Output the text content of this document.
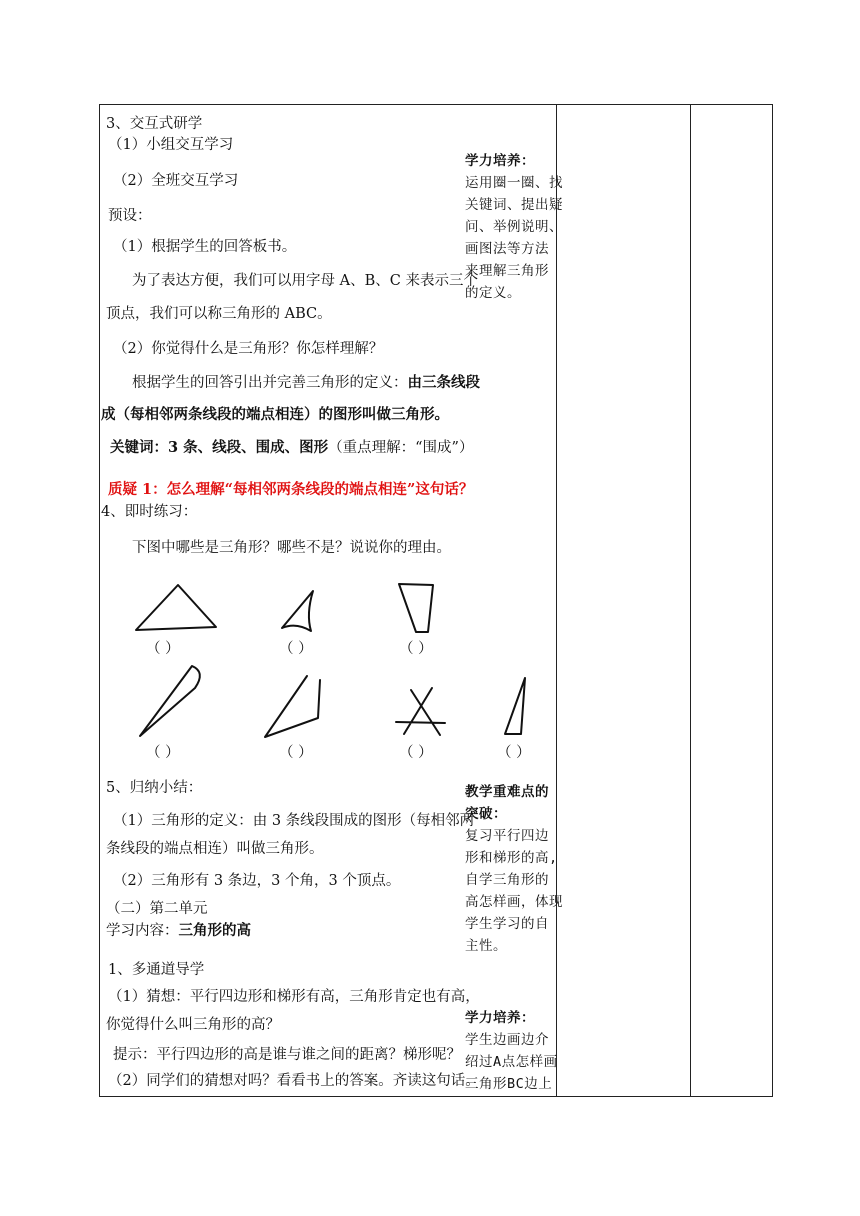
3、交互式研学
（1）小组交互学习
（2）全班交互学习
预设：
（1）根据学生的回答板书。
为了表达方便，我们可以用字母 A、B、C 来表示三个
顶点，我们可以称三角形的 ABC。
（2）你觉得什么是三角形？你怎样理解？
根据学生的回答引出并完善三角形的定义：由三条线段
成（每相邻两条线段的端点相连）的图形叫做三角形。
关键词：3 条、线段、围成、图形（重点理解：“围成”）
质疑 1：怎么理解“每相邻两条线段的端点相连”这句话？
4、即时练习：
下图中哪些是三角形？哪些不是？说说你的理由。
（ ）	（ ）	（ ）
（ ）	（ ）	（ ）	（ ）
5、归纳小结：
（1）三角形的定义：由 3 条线段围成的图形（每相邻两
条线段的端点相连）叫做三角形。
（2）三角形有 3 条边，3 个角，3 个顶点。
（二）第二单元
学习内容：三角形的高
1、多通道导学
（1）猜想：平行四边形和梯形有高，三角形肯定也有高，
你觉得什么叫三角形的高？
提示：平行四边形的高是谁与谁之间的距离？梯形呢？
（2）同学们的猜想对吗？看看书上的答案。齐读这句话。
学力培养：
运用圈一圈、找
关键词、提出疑
问、举例说明、
画图法等方法
来理解三角形
的定义。
教学重难点的
突破：
复习平行四边
形和梯形的高,
自学三角形的
高怎样画，体现
学生学习的自
主性。
学力培养：
学生边画边介
绍过A点怎样画
三角形BC边上
